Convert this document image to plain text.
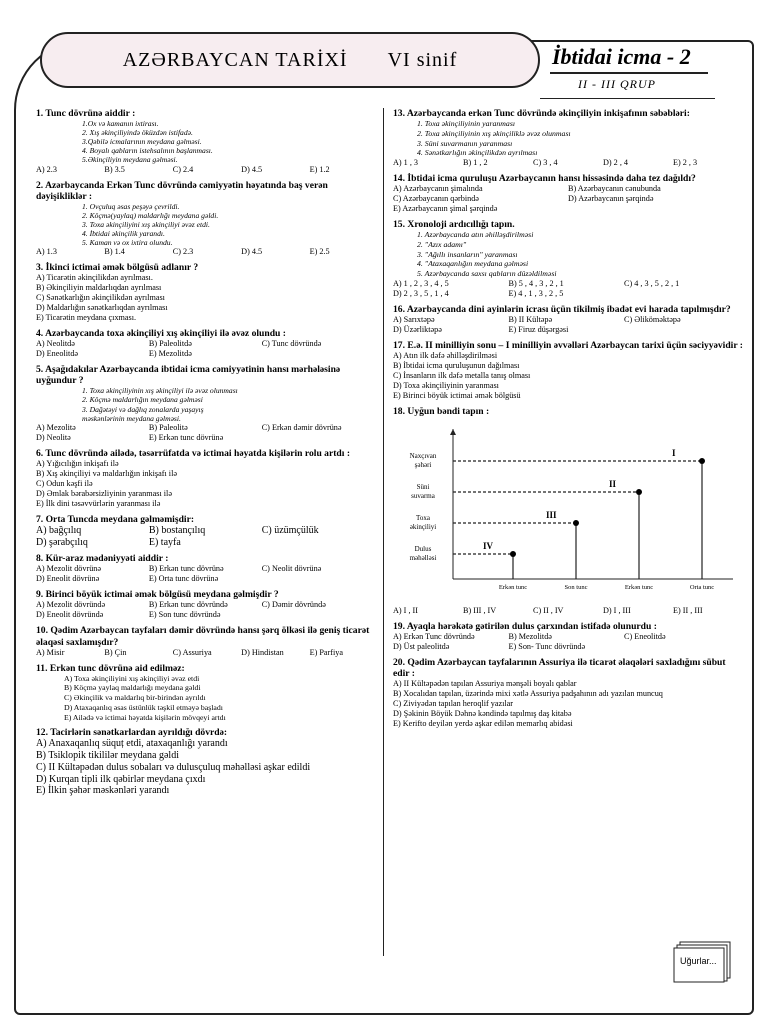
AZƏRBAYCAN TARİXİ VI sinif	İbtidai icma - 2
II - III QRUP
1. Tunc dövrünə aiddir :
1.Ox və kamanın ixtirası.
2. Xış əkinçiliyində öküzdən istifadə.
3.Qəbilə icmalarının meydana gəlməsi.
4. Boyalı qabların istehsalının başlanması.
5.Əkinçiliyin meydana gəlməsi.
A) 2.3	B) 3.5	C) 2.4	D) 4.5	E) 1.2
2. Azərbaycanda Erkən Tunc dövründə cəmiyyətin həyatında baş verən dəyişikliklər :
1. Ovçuluq əsas peşəyə çevrildi.
2. Köçmə(yaylaq) maldarlığı meydana gəldi.
3. Toxa əkinçiliyini xış əkinçiliyi əvəz etdi.
4. İbtidai əkinçilik yarandı.
5. Kaman və ox ixtira olundu.
A) 1.3	B) 1.4	C) 2.3	D) 4.5	E) 2.5
3. İkinci ictimai əmək bölgüsü adlanır ?
A) Ticarətin əkinçilikdən ayrılması.
B) Əkinçiliyin maldarlıqdan ayrılması
C) Sənətkarlığın əkinçilikdən ayrılması
D) Maldarlığın sənətkarlıqdan ayrılması
E) Ticarətin meydana çıxması.
4. Azərbaycanda toxa əkinçiliyi xış əkinçiliyi ilə əvəz olundu :
A) Neolitdə	B) Paleolitdə	C) Tunc dövründə
D) Eneolitdə	E) Mezolitdə
5. Aşağıdakılar Azərbaycanda ibtidai icma cəmiyyətinin hansı mərhələsinə uyğundur ?
1. Toxa əkinçiliyinin xış əkinçiliyi ilə əvəz olunması
2. Köçmə maldarlığın meydana gəlməsi
3. Dağətəyi və dağlıq zonalarda yaşayış
məskənlərinin meydana gəlməsi.
A) Mezolitə	B) Paleolitə	C) Erkən dəmir dövrünə
D) Neolitə	E) Erkən tunc dövrünə
6. Tunc dövründə ailədə, təsərrüfatda və ictimai həyatda kişilərin rolu artdı :
A) Yığıcılığın inkişafı ilə
B) Xış əkinçiliyi və maldarlığın inkişafı ilə
C) Odun kəşfi ilə
D) Əmlak bərabərsizliyinin yaranması ilə
E) İlk dini təsəvvürlərin yaranması ilə
7. Orta Tuncda meydana gəlməmişdir:
A) bağçılıq	B) bostançılıq	C) üzümçülük
D) şərabçılıq	E) tayfa
8. Kür-araz mədəniyyəti aiddir :
A) Mezolit dövrünə	B) Erkən tunc dövrünə	C) Neolit dövrünə
D) Eneolit dövrünə	E) Orta tunc dövrünə
9. Birinci böyük ictimai əmək bölgüsü meydana gəlmişdir ?
A) Mezolit dövründə	B) Erkən tunc dövründə	C) Dəmir dövründə
D) Eneolit dövründə	E) Son tunc dövründə
10. Qədim Azərbaycan tayfaları dəmir dövründə hansı şərq ölkəsi ilə geniş ticarət əlaqəsi saxlamışdır?
A) Misir	B) Çin	C) Assuriya	D) Hindistan	E) Parfiya
11. Erkən tunc dövrünə aid edilməz:
A) Toxa əkinçiliyini xış əkinçiliyi əvəz etdi
B) Köçmə yaylaq maldarlığı meydana gəldi
C) Əkinçilik və maldarlıq bir-birindən ayrıldı
D) Ataxaqanlıq əsas üstünlük təşkil etməyə başladı
E) Ailədə və ictimai həyatda kişilərin mövqeyi artdı
12. Tacirlərin sənətkarlardan ayrıldığı dövrdə:
A) Anaxaqanlıq süquț etdi, ataxaqanlığı yarandı
B) Tsiklopik tikililər meydana gəldi
C) II Kültəpədən dulus sobaları və dulusçuluq məhəlləsi aşkar edildi
D) Kurqan tipli ilk qəbirlər meydana çıxdı
E) İlkin şəhər məskənləri yarandı
13. Azərbaycanda erkən Tunc dövründə əkinçiliyin inkişafının səbəbləri:
1. Toxa əkinçiliyinin yaranması
2. Toxa əkinçiliyinin xış əkinçiliklə əvəz olunması
3. Süni suvarmanın yaranması
4. Sənətkarlığın əkinçilikdən ayrılması
A) 1 , 3	B) 1 , 2	C) 3 , 4	D) 2 , 4	E) 2 , 3
14. İbtidai icma quruluşu Azərbaycanın hansı hissəsində daha tez dağıldı?
A) Azərbaycanın şimalında	B) Azərbaycanın cənubunda
C) Azərbaycanın qərbində	D) Azərbaycanın şərqində
E) Azərbaycanın şimal şərqində
15. Xronoloji ardıcıllığı tapın.
1. Azərbaycanda atın əhilləşdirilməsi
2. "Azıx adamı"
3. "Ağıllı insanların" yaranması
4. "Ataxaqanlığın meydana gəlməsi
5. Azərbaycanda saxsı qabların düzəldilməsi
A) 1 , 2 , 3 , 4 , 5	B) 5 , 4 , 3 , 2 , 1	C) 4 , 3 , 5 , 2 , 1
D) 2 , 3 , 5 , 1 , 4	E) 4 , 1 , 3 , 2 , 5
16. Azərbaycanda dini ayinlərin icrası üçün tikilmiş ibadət evi harada tapılmışdır?
A) Sarıxtəpə	B) II Kültəpə	C) Əliköməktəpə
D) Üzərliktəpə	E) Firuz düşərgəsi
17. E.ə. II minilliyin sonu – I minilliyin əvvəlləri Azərbaycan tarixi üçün səciyyəvidir :
A) Atın ilk dəfə əhilləşdirilməsi
B) İbtidai icma quruluşunun dağılması
C) İnsanların ilk dəfə metalla tanış olması
D) Toxa əkinçiliyinin yaranması
E) Birinci böyük ictimai əmək bölgüsü
18. Uyğun bəndi tapın :
Naxçıvan
şəhəri
Süni
suvarma
Toxa
əkinçiliyi
Dulus
məhəlləsi
Erkən tunc	Son tunc	Erkən tunc	Orta tunc
I
II
III
IV
A) I , II	B) III , IV	C) II , IV	D) I , III	E) II , III
19. Ayaqla hərəkətə gətirilən dulus çarxından istifadə olunurdu :
A) Erkən Tunc dövründə	B) Mezolitdə	C) Eneolitdə
D) Üst paleolitdə	E) Son- Tunc dövründə
20. Qədim Azərbaycan tayfalarının Assuriya ilə ticarət əlaqələri saxladığını sübut edir :
A) II Kültəpədən tapılan Assuriya mənşəli boyalı qablar
B) Xocalıdan tapılan, üzərində mixi xətlə Assuriya padşahının adı yazılan muncuq
C) Ziviyədən tapılan heroqlif yazılar
D) Şəkinin Böyük Dəhnə kəndində tapılmış daş kitabə
E) Kerifto deyilən yerdə aşkar edilən memarlıq abidəsi
Uğurlar...
